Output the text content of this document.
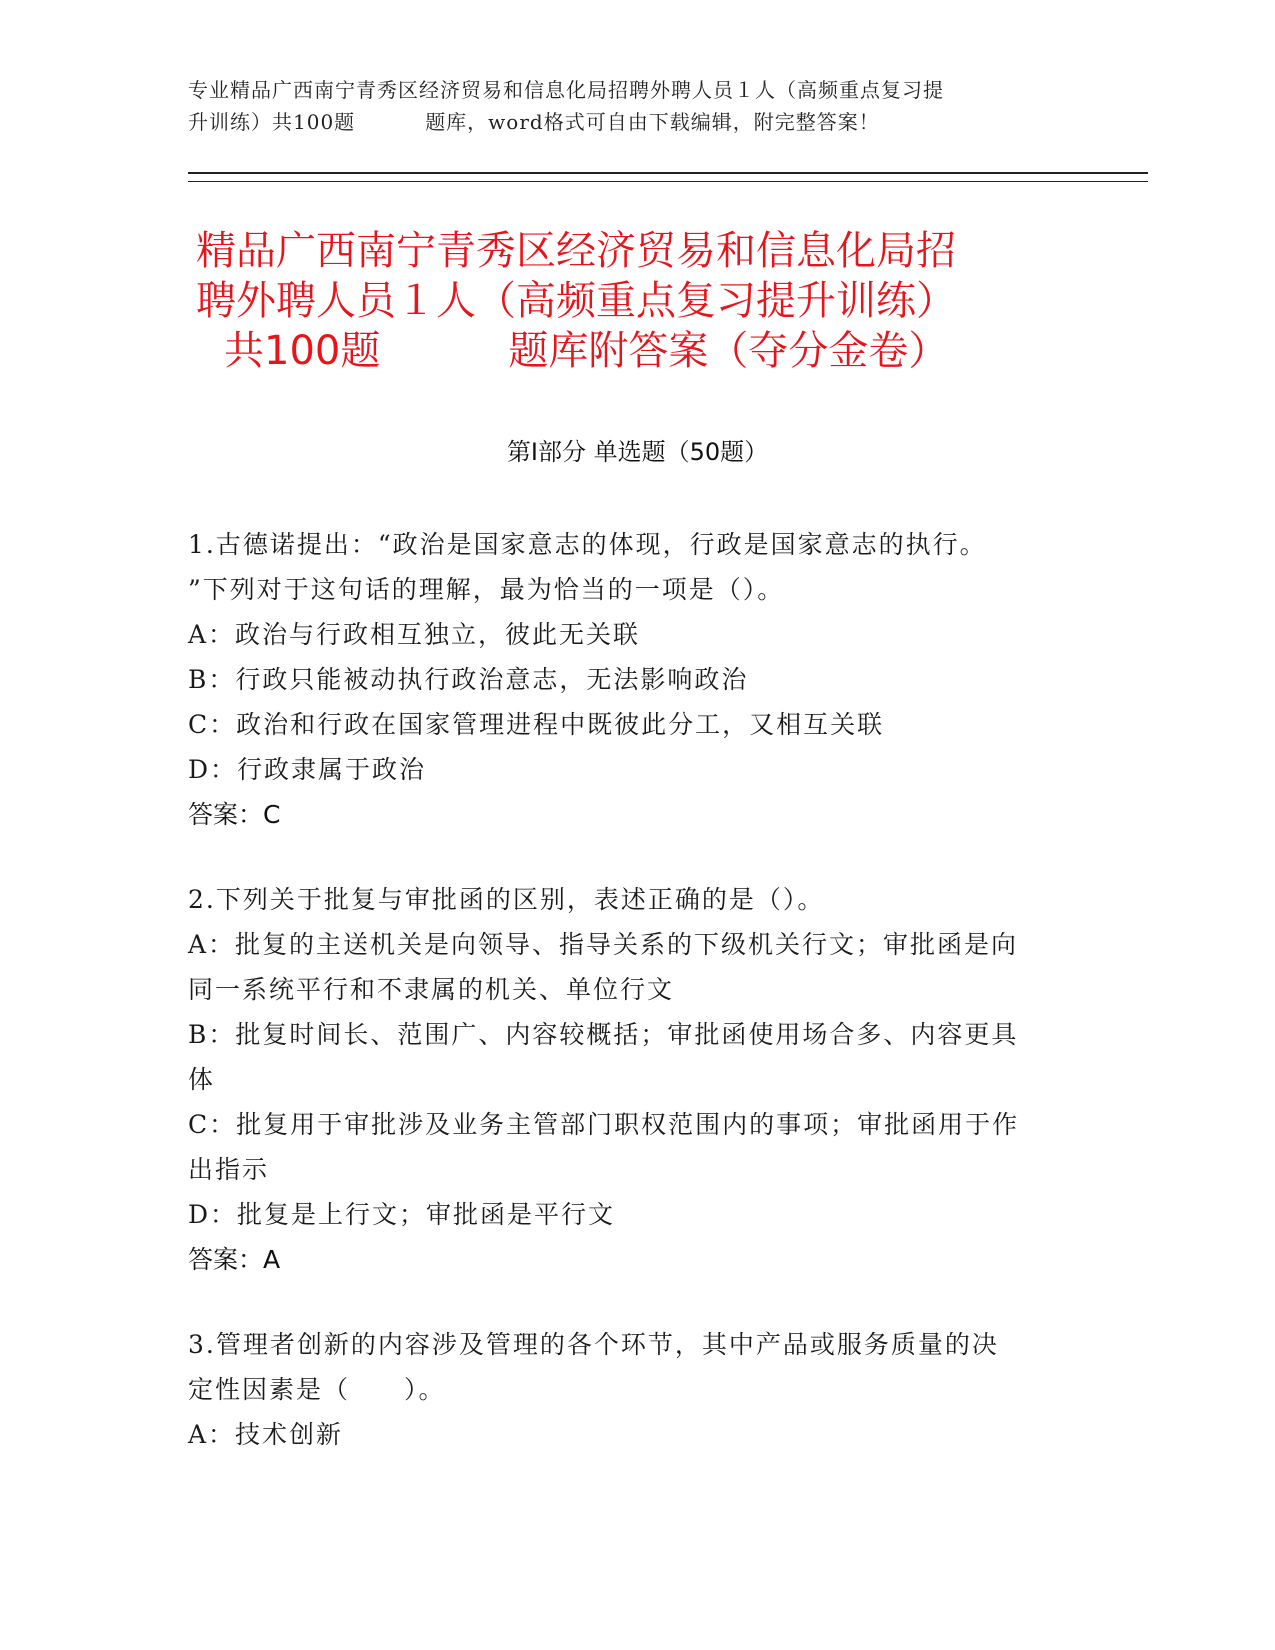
专业精品广西南宁青秀区经济贸易和信息化局招聘外聘人员１人（高频重点复习提
升训练）共100题	题库，word格式可自由下载编辑，附完整答案！
精品广西南宁青秀区经济贸易和信息化局招
聘外聘人员１人（高频重点复习提升训练）
共100题	题库附答案（夺分金卷）
第Ⅰ部分 单选题（50题）
1.古德诺提出：“政治是国家意志的体现，行政是国家意志的执行。
”下列对于这句话的理解，最为恰当的一项是（）。
A：政治与行政相互独立，彼此无关联
B：行政只能被动执行政治意志，无法影响政治
C：政治和行政在国家管理进程中既彼此分工，又相互关联
D：行政隶属于政治
答案：C
2.下列关于批复与审批函的区别，表述正确的是（）。
A：批复的主送机关是向领导、指导关系的下级机关行文；审批函是向
同一系统平行和不隶属的机关、单位行文
B：批复时间长、范围广、内容较概括；审批函使用场合多、内容更具
体
C：批复用于审批涉及业务主管部门职权范围内的事项；审批函用于作
出指示
D：批复是上行文；审批函是平行文
答案：A
3.管理者创新的内容涉及管理的各个环节，其中产品或服务质量的决
定性因素是（　　）。
A：技术创新
